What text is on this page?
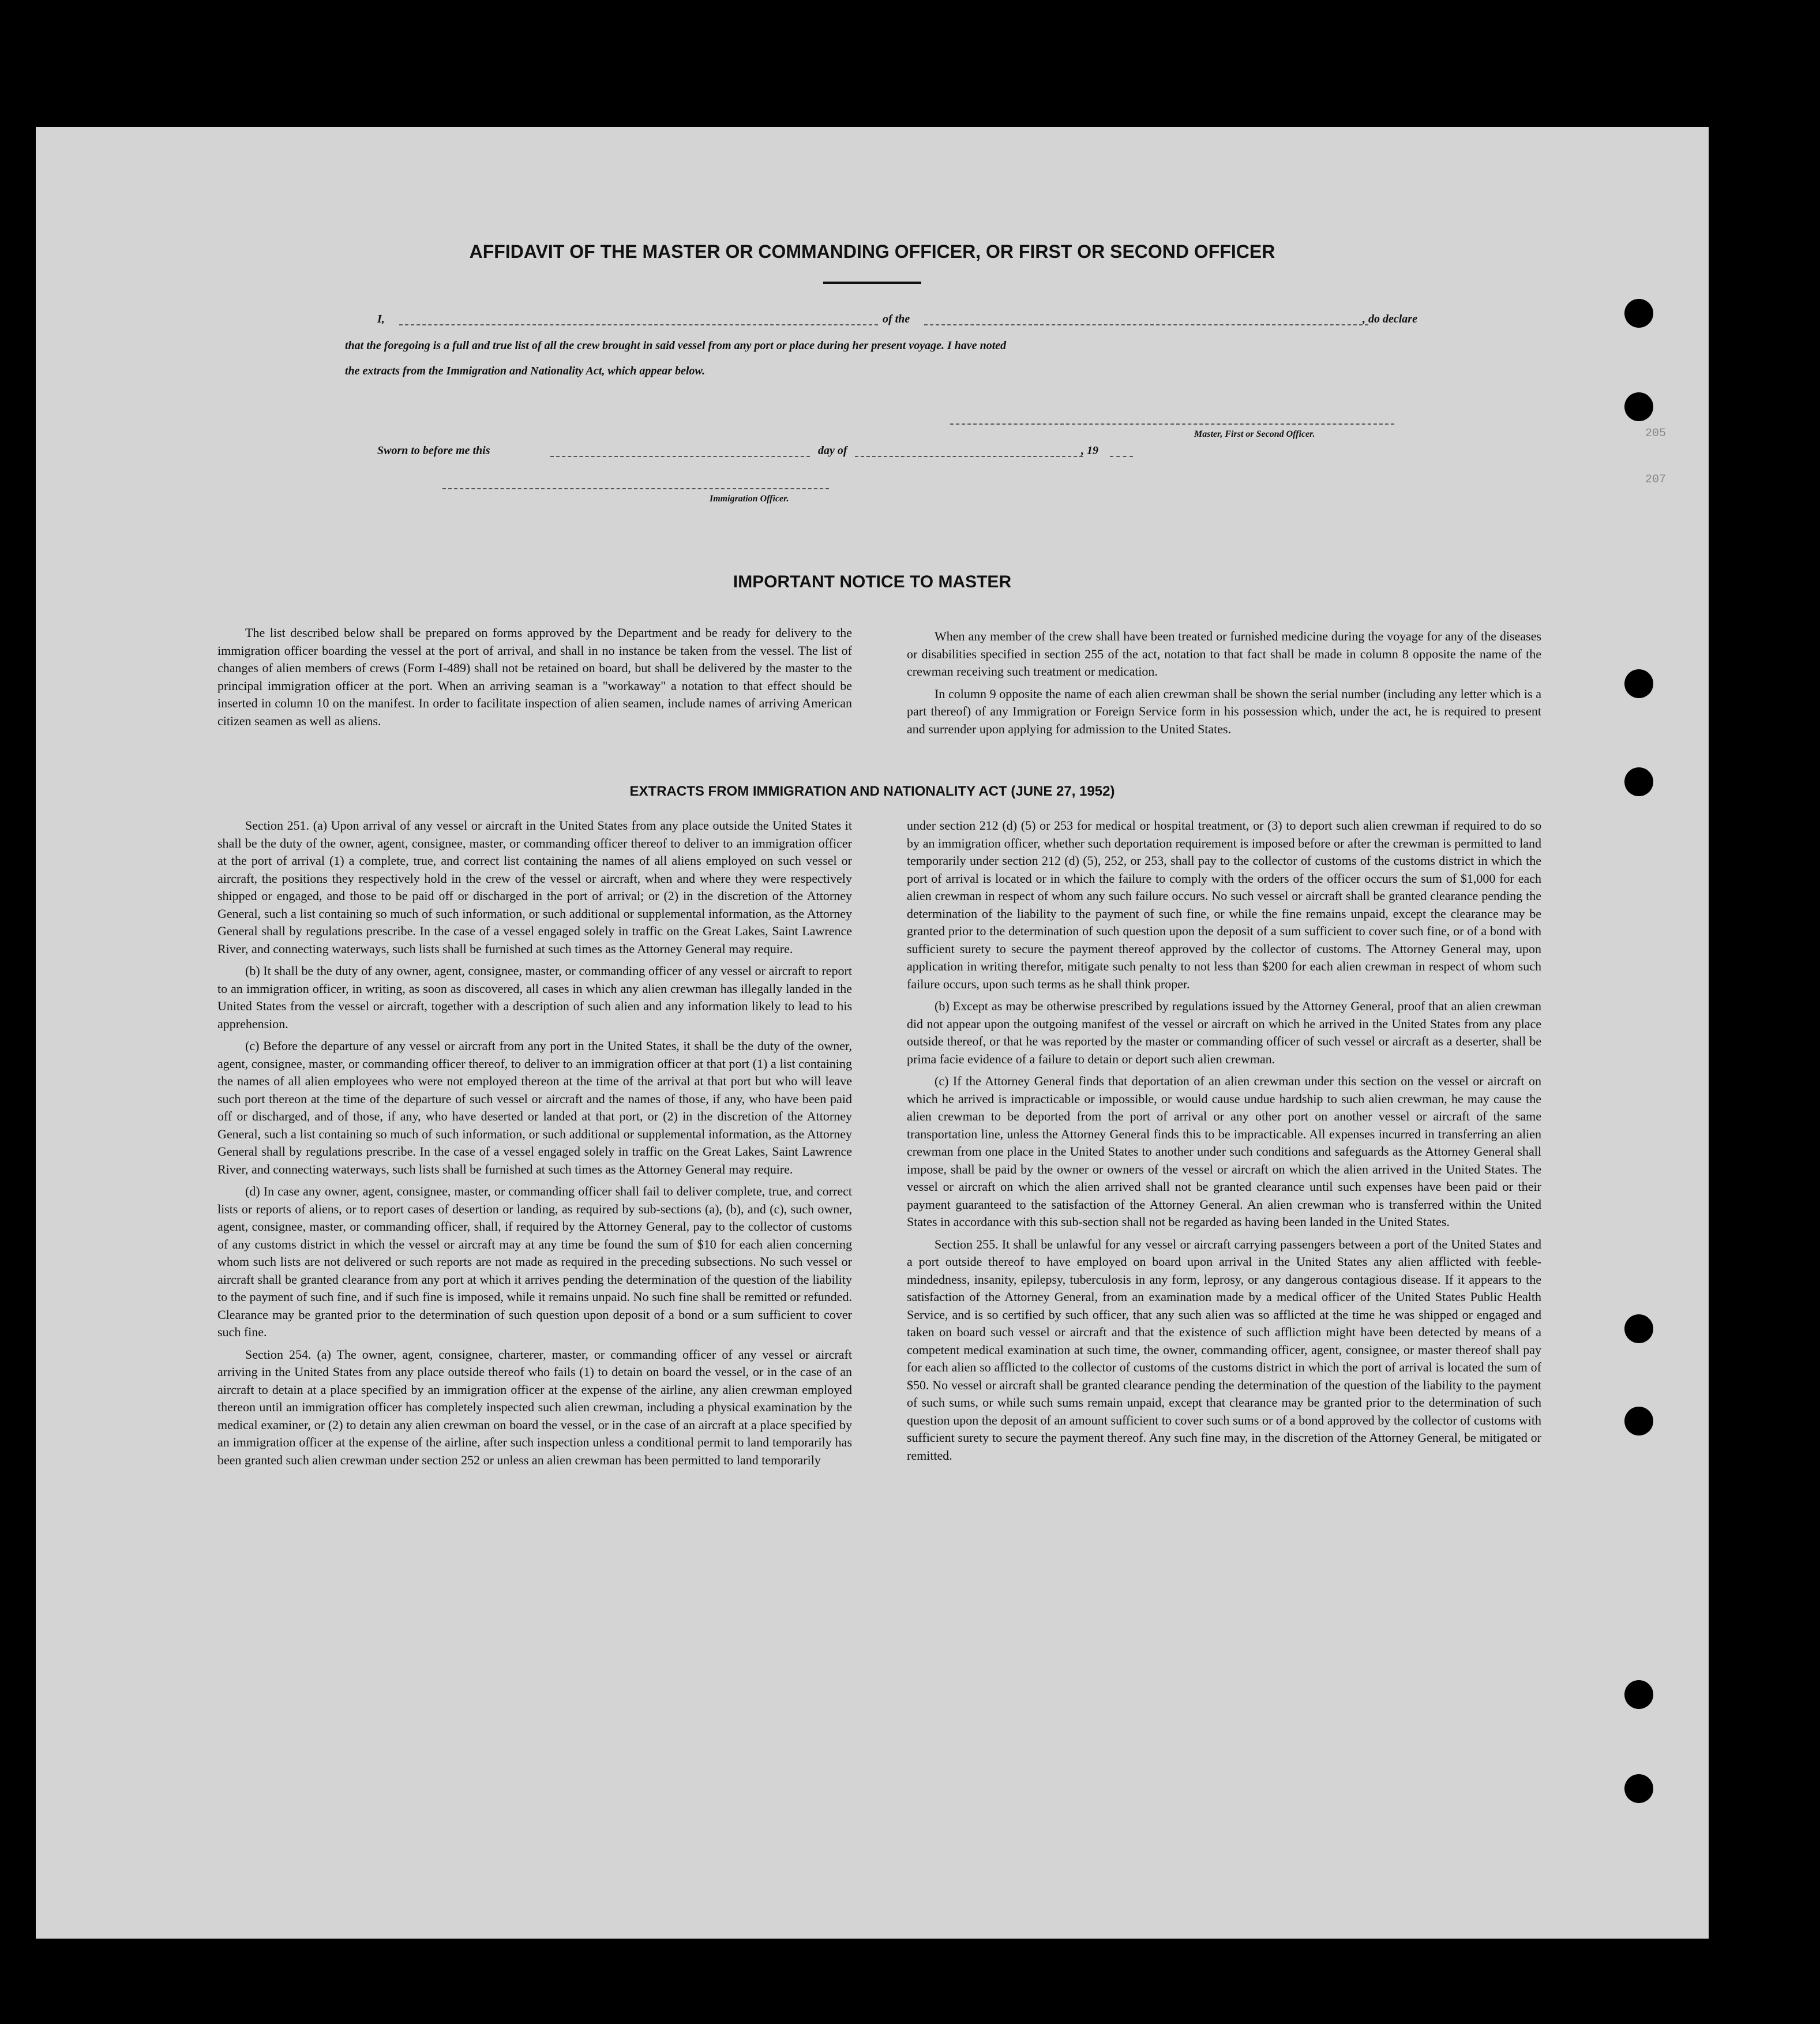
AFFIDAVIT OF THE MASTER OR COMMANDING OFFICER, OR FIRST OR SECOND OFFICER
I,	of the	, do declare
that the foregoing is a full and true list of all the crew brought in said vessel from any port or place during her present voyage. I have noted
the extracts from the Immigration and Nationality Act, which appear below.
Master, First or Second Officer.
Sworn to before me this	day of	, 19
Immigration Officer.
205
207
IMPORTANT NOTICE TO MASTER

The list described below shall be prepared on forms approved by the Department and be ready for delivery to the immigration officer boarding the vessel at the port of arrival, and shall in no instance be taken from the vessel. The list of changes of alien members of crews (Form I-489) shall not be retained on board, but shall be delivered by the master to the principal immigration officer at the port. When an arriving seaman is a "workaway" a notation to that effect should be inserted in column 10 on the manifest. In order to facilitate inspection of alien seamen, include names of arriving American citizen seamen as well as aliens.

When any member of the crew shall have been treated or furnished medicine during the voyage for any of the diseases or disabilities specified in section 255 of the act, notation to that fact shall be made in column 8 opposite the name of the crewman receiving such treatment or medication.

In column 9 opposite the name of each alien crewman shall be shown the serial number (including any letter which is a part thereof) of any Immigration or Foreign Service form in his possession which, under the act, he is required to present and surrender upon applying for admission to the United States.

EXTRACTS FROM IMMIGRATION AND NATIONALITY ACT (JUNE 27, 1952)

Section 251. (a) Upon arrival of any vessel or aircraft in the United States from any place outside the United States it shall be the duty of the owner, agent, consignee, master, or commanding officer thereof to deliver to an immigration officer at the port of arrival (1) a complete, true, and correct list containing the names of all aliens employed on such vessel or aircraft, the positions they respectively hold in the crew of the vessel or aircraft, when and where they were respectively shipped or engaged, and those to be paid off or discharged in the port of arrival; or (2) in the discretion of the Attorney General, such a list containing so much of such information, or such additional or supplemental information, as the Attorney General shall by regulations prescribe. In the case of a vessel engaged solely in traffic on the Great Lakes, Saint Lawrence River, and connecting waterways, such lists shall be furnished at such times as the Attorney General may require.

(b) It shall be the duty of any owner, agent, consignee, master, or commanding officer of any vessel or aircraft to report to an immigration officer, in writing, as soon as discovered, all cases in which any alien crewman has illegally landed in the United States from the vessel or aircraft, together with a description of such alien and any information likely to lead to his apprehension.

(c) Before the departure of any vessel or aircraft from any port in the United States, it shall be the duty of the owner, agent, consignee, master, or commanding officer thereof, to deliver to an immigration officer at that port (1) a list containing the names of all alien employees who were not employed thereon at the time of the arrival at that port but who will leave such port thereon at the time of the departure of such vessel or aircraft and the names of those, if any, who have been paid off or discharged, and of those, if any, who have deserted or landed at that port, or (2) in the discretion of the Attorney General, such a list containing so much of such information, or such additional or supplemental information, as the Attorney General shall by regulations prescribe. In the case of a vessel engaged solely in traffic on the Great Lakes, Saint Lawrence River, and connecting waterways, such lists shall be furnished at such times as the Attorney General may require.

(d) In case any owner, agent, consignee, master, or commanding officer shall fail to deliver complete, true, and correct lists or reports of aliens, or to report cases of desertion or landing, as required by sub-sections (a), (b), and (c), such owner, agent, consignee, master, or commanding officer, shall, if required by the Attorney General, pay to the collector of customs of any customs district in which the vessel or aircraft may at any time be found the sum of $10 for each alien concerning whom such lists are not delivered or such reports are not made as required in the preceding subsections. No such vessel or aircraft shall be granted clearance from any port at which it arrives pending the determination of the question of the liability to the payment of such fine, and if such fine is imposed, while it remains unpaid. No such fine shall be remitted or refunded. Clearance may be granted prior to the determination of such question upon deposit of a bond or a sum sufficient to cover such fine.

Section 254. (a) The owner, agent, consignee, charterer, master, or commanding officer of any vessel or aircraft arriving in the United States from any place outside thereof who fails (1) to detain on board the vessel, or in the case of an aircraft to detain at a place specified by an immigration officer at the expense of the airline, any alien crewman employed thereon until an immigration officer has completely inspected such alien crewman, including a physical examination by the medical examiner, or (2) to detain any alien crewman on board the vessel, or in the case of an aircraft at a place specified by an immigration officer at the expense of the airline, after such inspection unless a conditional permit to land temporarily has been granted such alien crewman under section 252 or unless an alien crewman has been permitted to land temporarily

under section 212 (d) (5) or 253 for medical or hospital treatment, or (3) to deport such alien crewman if required to do so by an immigration officer, whether such deportation requirement is imposed before or after the crewman is permitted to land temporarily under section 212 (d) (5), 252, or 253, shall pay to the collector of customs of the customs district in which the port of arrival is located or in which the failure to comply with the orders of the officer occurs the sum of $1,000 for each alien crewman in respect of whom any such failure occurs. No such vessel or aircraft shall be granted clearance pending the determination of the liability to the payment of such fine, or while the fine remains unpaid, except the clearance may be granted prior to the determination of such question upon the deposit of a sum sufficient to cover such fine, or of a bond with sufficient surety to secure the payment thereof approved by the collector of customs. The Attorney General may, upon application in writing therefor, mitigate such penalty to not less than $200 for each alien crewman in respect of whom such failure occurs, upon such terms as he shall think proper.

(b) Except as may be otherwise prescribed by regulations issued by the Attorney General, proof that an alien crewman did not appear upon the outgoing manifest of the vessel or aircraft on which he arrived in the United States from any place outside thereof, or that he was reported by the master or commanding officer of such vessel or aircraft as a deserter, shall be prima facie evidence of a failure to detain or deport such alien crewman.

(c) If the Attorney General finds that deportation of an alien crewman under this section on the vessel or aircraft on which he arrived is impracticable or impossible, or would cause undue hardship to such alien crewman, he may cause the alien crewman to be deported from the port of arrival or any other port on another vessel or aircraft of the same transportation line, unless the Attorney General finds this to be impracticable. All expenses incurred in transferring an alien crewman from one place in the United States to another under such conditions and safeguards as the Attorney General shall impose, shall be paid by the owner or owners of the vessel or aircraft on which the alien arrived in the United States. The vessel or aircraft on which the alien arrived shall not be granted clearance until such expenses have been paid or their payment guaranteed to the satisfaction of the Attorney General. An alien crewman who is transferred within the United States in accordance with this sub-section shall not be regarded as having been landed in the United States.

Section 255. It shall be unlawful for any vessel or aircraft carrying passengers between a port of the United States and a port outside thereof to have employed on board upon arrival in the United States any alien afflicted with feeble-mindedness, insanity, epilepsy, tuberculosis in any form, leprosy, or any dangerous contagious disease. If it appears to the satisfaction of the Attorney General, from an examination made by a medical officer of the United States Public Health Service, and is so certified by such officer, that any such alien was so afflicted at the time he was shipped or engaged and taken on board such vessel or aircraft and that the existence of such affliction might have been detected by means of a competent medical examination at such time, the owner, commanding officer, agent, consignee, or master thereof shall pay for each alien so afflicted to the collector of customs of the customs district in which the port of arrival is located the sum of $50. No vessel or aircraft shall be granted clearance pending the determination of the question of the liability to the payment of such sums, or while such sums remain unpaid, except that clearance may be granted prior to the determination of such question upon the deposit of an amount sufficient to cover such sums or of a bond approved by the collector of customs with sufficient surety to secure the payment thereof. Any such fine may, in the discretion of the Attorney General, be mitigated or remitted.
